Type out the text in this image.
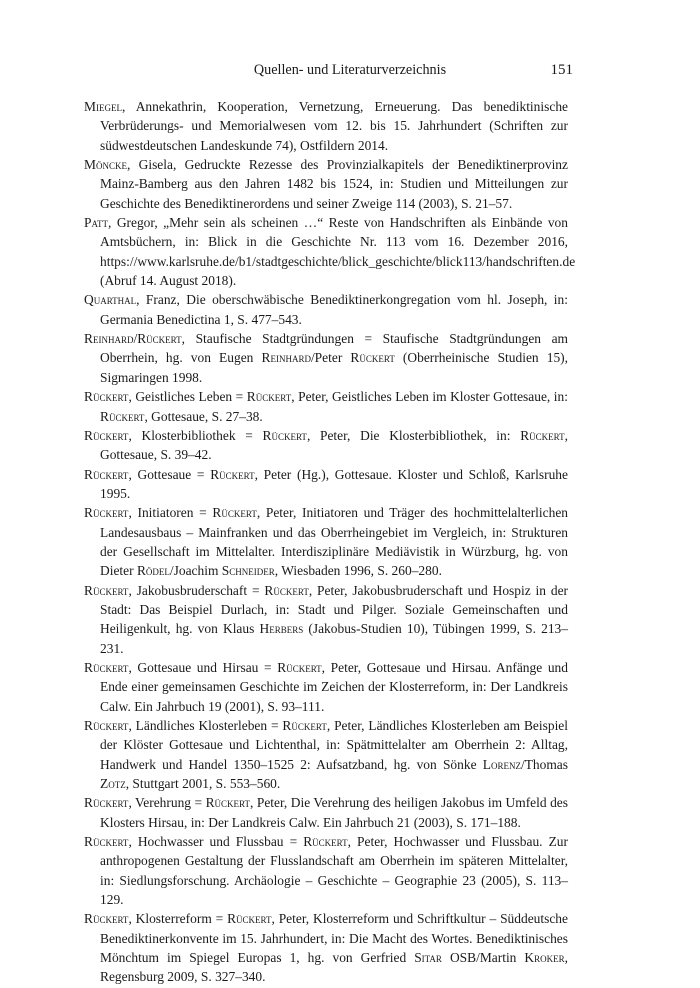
Quellen- und Literaturverzeichnis	151

Miegel, Annekathrin, Kooperation, Vernetzung, Erneuerung. Das benediktinische Verbrüderungs- und Memorialwesen vom 12. bis 15. Jahrhundert (Schriften zur südwestdeutschen Landeskunde 74), Ostfildern 2014.

Möncke, Gisela, Gedruckte Rezesse des Provinzialkapitels der Benediktinerprovinz Mainz-Bamberg aus den Jahren 1482 bis 1524, in: Studien und Mitteilungen zur Geschichte des Benediktinerordens und seiner Zweige 114 (2003), S. 21–57.

Patt, Gregor, „Mehr sein als scheinen …“ Reste von Handschriften als Einbände von Amtsbüchern, in: Blick in die Geschichte Nr. 113 vom 16. Dezember 2016, https://www.karlsruhe.de/b1/stadtgeschichte/blick_geschichte/blick113/handschriften.de (Abruf 14. August 2018).

Quarthal, Franz, Die oberschwäbische Benediktinerkongregation vom hl. Joseph, in: Germania Benedictina 1, S. 477–543.

Reinhard/Rückert, Staufische Stadtgründungen = Staufische Stadtgründungen am Oberrhein, hg. von Eugen Reinhard/Peter Rückert (Oberrheinische Studien 15), Sigmaringen 1998.

Rückert, Geistliches Leben = Rückert, Peter, Geistliches Leben im Kloster Gottesaue, in: Rückert, Gottesaue, S. 27–38.

Rückert, Klosterbibliothek = Rückert, Peter, Die Klosterbibliothek, in: Rückert, Gottesaue, S. 39–42.

Rückert, Gottesaue = Rückert, Peter (Hg.), Gottesaue. Kloster und Schloß, Karlsruhe 1995.

Rückert, Initiatoren = Rückert, Peter, Initiatoren und Träger des hochmittelalterlichen Landesausbaus – Mainfranken und das Oberrheingebiet im Vergleich, in: Strukturen der Gesellschaft im Mittelalter. Interdisziplinäre Mediävistik in Würzburg, hg. von Dieter Rödel/Joachim Schneider, Wiesbaden 1996, S. 260–280.

Rückert, Jakobusbruderschaft = Rückert, Peter, Jakobusbruderschaft und Hospiz in der Stadt: Das Beispiel Durlach, in: Stadt und Pilger. Soziale Gemeinschaften und Heiligenkult, hg. von Klaus Herbers (Jakobus-Studien 10), Tübingen 1999, S. 213–231.

Rückert, Gottesaue und Hirsau = Rückert, Peter, Gottesaue und Hirsau. Anfänge und Ende einer gemeinsamen Geschichte im Zeichen der Klosterreform, in: Der Landkreis Calw. Ein Jahrbuch 19 (2001), S. 93–111.

Rückert, Ländliches Klosterleben = Rückert, Peter, Ländliches Klosterleben am Beispiel der Klöster Gottesaue und Lichtenthal, in: Spätmittelalter am Oberrhein 2: Alltag, Handwerk und Handel 1350–1525 2: Aufsatzband, hg. von Sönke Lorenz/Thomas Zotz, Stuttgart 2001, S. 553–560.

Rückert, Verehrung = Rückert, Peter, Die Verehrung des heiligen Jakobus im Umfeld des Klosters Hirsau, in: Der Landkreis Calw. Ein Jahrbuch 21 (2003), S. 171–188.

Rückert, Hochwasser und Flussbau = Rückert, Peter, Hochwasser und Flussbau. Zur anthropogenen Gestaltung der Flusslandschaft am Oberrhein im späteren Mittelalter, in: Siedlungsforschung. Archäologie – Geschichte – Geographie 23 (2005), S. 113–129.

Rückert, Klosterreform = Rückert, Peter, Klosterreform und Schriftkultur – Süddeutsche Benediktinerkonvente im 15. Jahrhundert, in: Die Macht des Wortes. Benediktinisches Mönchtum im Spiegel Europas 1, hg. von Gerfried Sitar OSB/Martin Kroker, Regensburg 2009, S. 327–340.
